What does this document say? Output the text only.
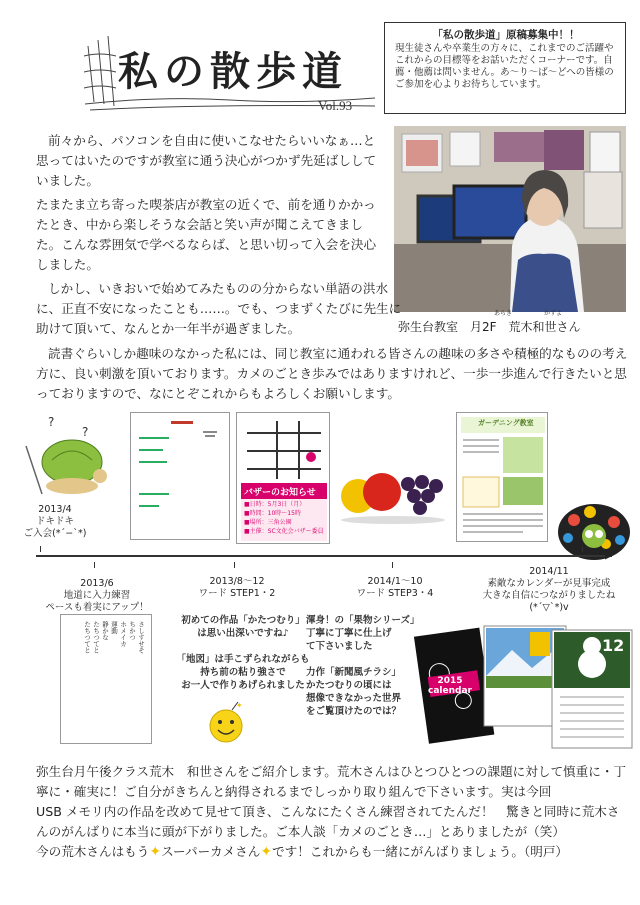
私の散歩道
Vol.93
「私の散歩道」原稿募集中！！
現生徒さんや卒業生の方々に、これまでのご活躍やこれからの目標等をお話いただくコーナーです。自薦・他薦は問いません。あ～り～ば～どへの皆様のご参加を心よりお待ちしています。
あらき	かずよ
弥生台教室　月2F　荒木和世さん
前々から、パソコンを自由に使いこなせたらいいなぁ…と思ってはいたのですが教室に通う決心がつかず先延ばししていました。
たまたま立ち寄った喫茶店が教室の近くで、前を通りかかったとき、中から楽しそうな会話と笑い声が聞こえてきました。こんな雰囲気で学べるならば、と思い切って入会を決心しました。
しかし、いきおいで始めてみたものの分からない単語の洪水に、正直不安になったことも……。でも、つまずくたびに先生に助けて頂いて、なんとか一年半が過ぎました。
読書ぐらいしか趣味のなかった私には、同じ教室に通われる皆さんの趣味の多さや積極的なものの考え方に、良い刺激を頂いております。カメのごとき歩みではありますけれど、一歩一歩進んで行きたいと思っておりますので、なにとぞこれからもよろしくお願いします。
?
?
2013/4
ドキドキ
ご入会(*´−`*)
バザーのお知らせ
■日時：5月3日（月）
■時間：10時～15時
■場所：三角公園
■主催：SC文化会バザー委員
ガーデニング教室
▶
2013/6
地道に入力練習
ペースも着実にアップ！
2013/8～12
ワード STEP1・2
2014/1～10
ワード STEP3・4
2014/11
素敵なカレンダーが見事完成
大きな自信につながりましたね
(*´▽`*)v
さしすせそ
ちかつ
ホメイカ
運動
静かな
たちつてと
たちつてと
初めての作品「かたつむり」
は思い出深いですね♪

「地図」は手こずられながらも
持ち前の粘り強さで
お一人で作りあげられました
✦
渾身！の「果物シリーズ」
丁寧に丁寧に仕上げ
て下さいました

力作「新聞風チラシ」
かたつむりの頃には
想像できなかった世界
をご覧頂けたのでは？
2015 calendar
7	12
弥生台月午後クラス荒木　和世さんをご紹介します。荒木さんはひとつひとつの課題に対して慎重に・丁寧に・確実に！ご自分がきちんと納得されるまでしっかり取り組んで下さいます。実は今回
USB メモリ内の作品を改めて見せて頂き、こんなにたくさん練習されてたんだ！　驚きと同時に荒木さんのがんばりに本当に頭が下がりました。ご本人談「カメのごとき…」とありましたが（笑）
今の荒木さんはもう✦スーパーカメさん✦です！これからも一緒にがんばりましょう。（明戸）
